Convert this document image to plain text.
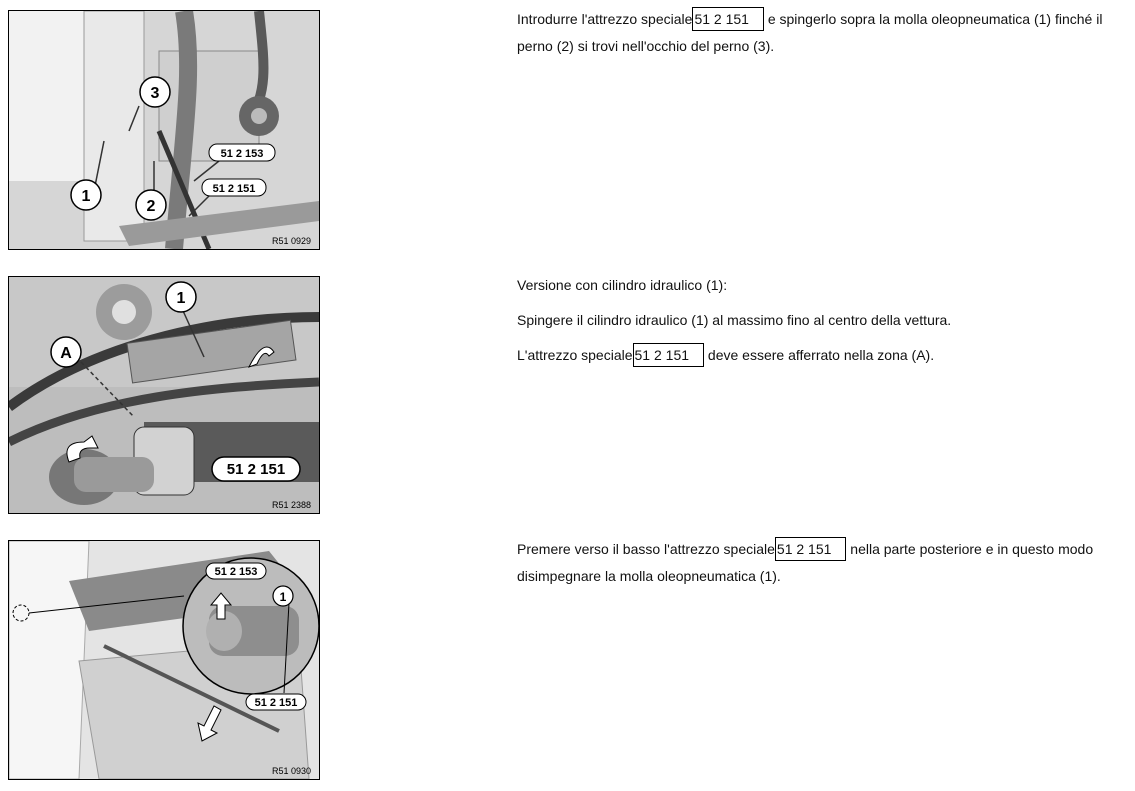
1
2
3
51 2 153
51 2 151
R51 0929

Introdurre l'attrezzo speciale 51 2 151 e spingerlo sopra la molla oleopneumatica (1) finché il perno (2) si trovi nell'occhio del perno (3).

1
A
51 2 151
R51 2388

Versione con cilindro idraulico (1):

Spingere il cilindro idraulico (1) al massimo fino al centro della vettura.

L'attrezzo speciale 51 2 151 deve essere afferrato nella zona (A).

1
51 2 153
51 2 151
R51 0930

Premere verso il basso l'attrezzo speciale 51 2 151 nella parte posteriore e in questo modo disimpegnare la molla oleopneumatica (1).
